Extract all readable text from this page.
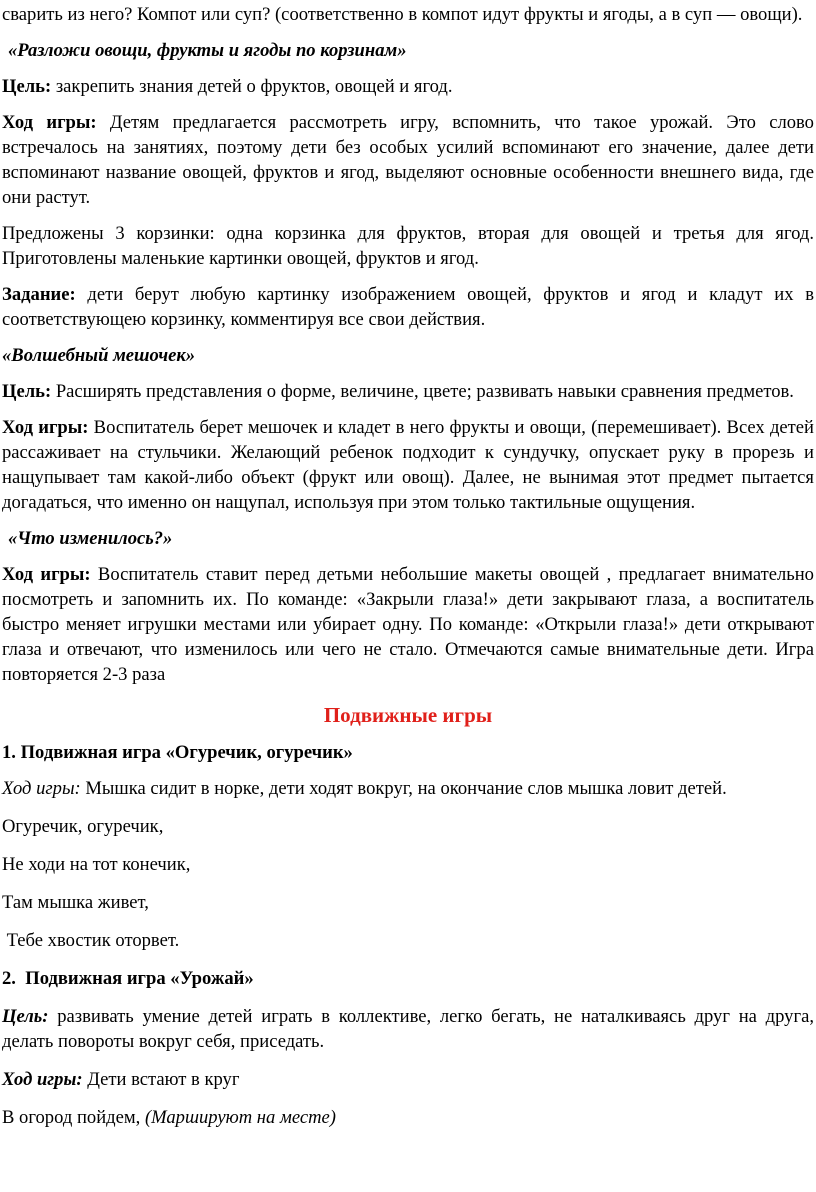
сварить из него? Компот или суп? (соответственно в компот идут фрукты и ягоды, а в суп — овощи).

«Разложи овощи, фрукты и ягоды по корзинам»

Цель: закрепить знания детей о фруктов, овощей и ягод.

Ход игры: Детям предлагается рассмотреть игру, вспомнить, что такое урожай. Это слово встречалось на занятиях, поэтому дети без особых усилий вспоминают его значение, далее дети вспоминают название овощей, фруктов и ягод, выделяют основные особенности внешнего вида, где они растут.

Предложены 3 корзинки: одна корзинка для фруктов, вторая для овощей и третья для ягод. Приготовлены маленькие картинки овощей, фруктов и ягод.

Задание: дети берут любую картинку изображением овощей, фруктов и ягод и кладут их в соответствующею корзинку, комментируя все свои действия.

«Волшебный мешочек»

Цель: Расширять представления о форме, величине, цвете; развивать навыки сравнения предметов.

Ход игры: Воспитатель берет мешочек и кладет в него фрукты и овощи, (перемешивает). Всех детей рассаживает на стульчики. Желающий ребенок подходит к сундучку, опускает руку в прорезь и нащупывает там какой-либо объект (фрукт или овощ). Далее, не вынимая этот предмет пытается догадаться, что именно он нащупал, используя при этом только тактильные ощущения.

«Что изменилось?»

Ход игры: Воспитатель ставит перед детьми небольшие макеты овощей , предлагает внимательно посмотреть и запомнить их. По команде: «Закрыли глаза!» дети закрывают глаза, а воспитатель быстро меняет игрушки местами или убирает одну. По команде: «Открыли глаза!» дети открывают глаза и отвечают, что изменилось или чего не стало. Отмечаются самые внимательные дети. Игра повторяется 2-3 раза

Подвижные игры

1. Подвижная игра «Огуречик, огуречик»

Ход игры: Мышка сидит в норке, дети ходят вокруг, на окончание слов мышка ловит детей.

Огуречик, огуречик,

Не ходи на тот конечик,

Там мышка живет,

Тебе хвостик оторвет.

2.  Подвижная игра «Урожай»

Цель: развивать умение детей играть в коллективе, легко бегать, не наталкиваясь друг на друга, делать повороты вокруг себя, приседать.

Ход игры: Дети встают в круг

В огород пойдем, (Маршируют на месте)
